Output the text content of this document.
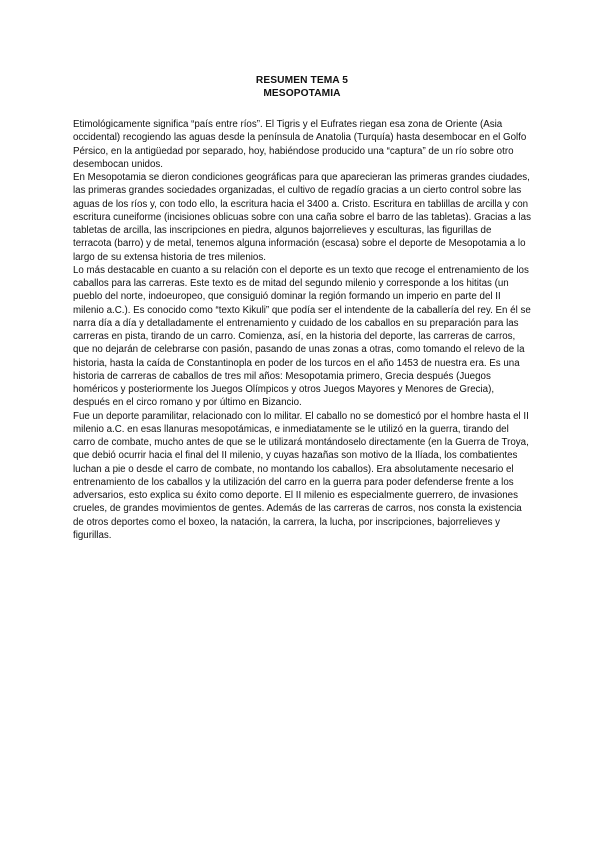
RESUMEN TEMA 5
MESOPOTAMIA

Etimológicamente significa “país entre ríos”. El Tigris y el Eufrates riegan esa zona de Oriente (Asia occidental) recogiendo las aguas desde la península de Anatolia (Turquía) hasta desembocar en el Golfo Pérsico, en la antigüedad por separado, hoy, habiéndose producido una “captura” de un río sobre otro desembocan unidos.

En Mesopotamia se dieron condiciones geográficas para que aparecieran las primeras grandes ciudades, las primeras grandes sociedades organizadas, el cultivo de regadío gracias a un cierto control sobre las aguas de los ríos y, con todo ello, la escritura hacia el 3400 a. Cristo. Escritura en tablillas de arcilla y con escritura cuneiforme (incisiones oblicuas sobre con una caña sobre el barro de las tabletas). Gracias a las tabletas de arcilla, las inscripciones en piedra, algunos bajorrelieves y esculturas, las figurillas de terracota (barro) y de metal, tenemos alguna información (escasa) sobre el deporte de Mesopotamia a lo largo de su extensa historia de tres milenios.

Lo más destacable en cuanto a su relación con el deporte es un texto que recoge el entrenamiento de los caballos para las carreras. Este texto es de mitad del segundo milenio y corresponde a los hititas (un pueblo del norte, indoeuropeo, que consiguió dominar la región formando un imperio en parte del II milenio a.C.). Es conocido como “texto Kikuli” que podía ser el intendente de la caballería del rey. En él se narra día a día y detalladamente el entrenamiento y cuidado de los caballos en su preparación para las carreras en pista, tirando de un carro. Comienza, así, en la historia del deporte, las carreras de carros, que no dejarán de celebrarse con pasión, pasando de unas zonas a otras, como tomando el relevo de la historia, hasta la caída de Constantinopla en poder de los turcos en el año 1453 de nuestra era. Es una historia de carreras de caballos de tres mil años: Mesopotamia primero, Grecia después (Juegos homéricos y posteriormente los Juegos Olímpicos y otros Juegos Mayores y Menores de Grecia), después en el circo romano y por último en Bizancio.

Fue un deporte paramilitar, relacionado con lo militar. El caballo no se domesticó por el hombre hasta el II milenio a.C. en esas llanuras mesopotámicas, e inmediatamente se le utilizó en la guerra, tirando del carro de combate, mucho antes de que se le utilizará montándoselo directamente (en la Guerra de Troya, que debió ocurrir hacia el final del II milenio, y cuyas hazañas son motivo de la Ilíada, los combatientes luchan a pie o desde el carro de combate, no montando los caballos). Era absolutamente necesario el entrenamiento de los caballos y la utilización del carro en la guerra para poder defenderse frente a los adversarios, esto explica su éxito como deporte. El II milenio es especialmente guerrero, de invasiones crueles, de grandes movimientos de gentes. Además de las carreras de carros, nos consta la existencia de otros deportes como el boxeo, la natación, la carrera, la lucha, por inscripciones, bajorrelieves y figurillas.
